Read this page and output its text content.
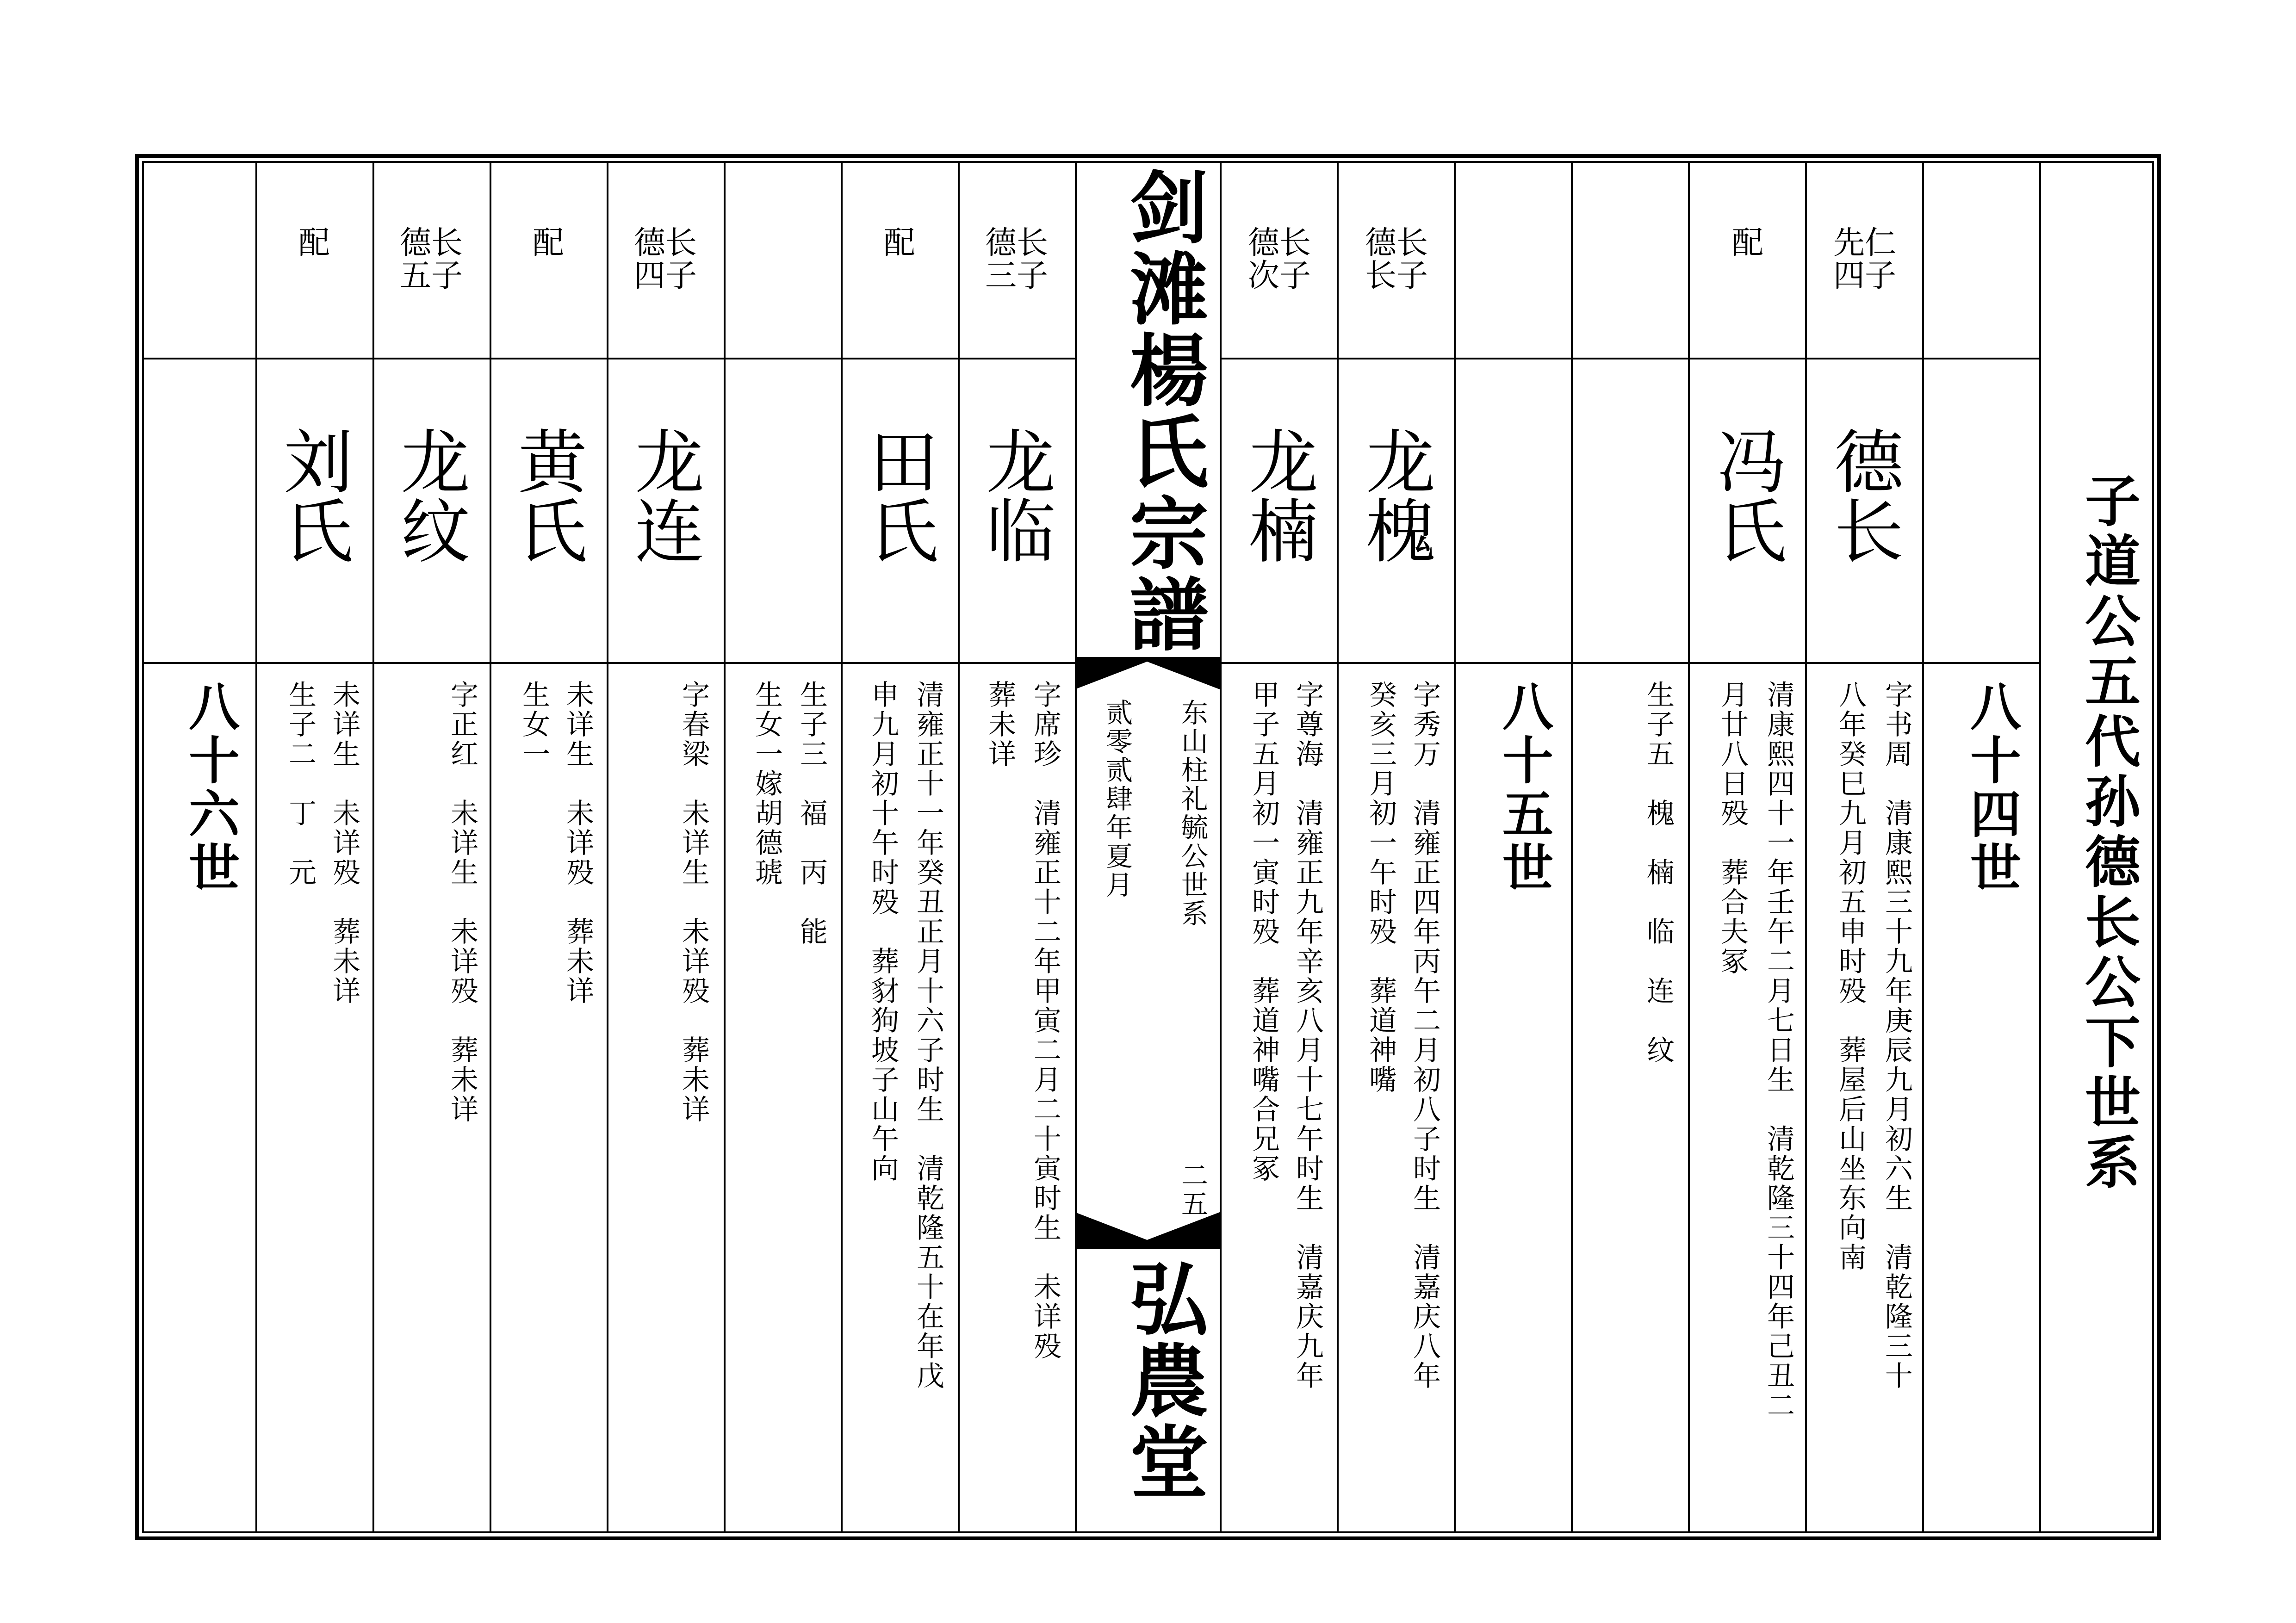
剑滩楊氏宗譜
东山柱礼毓公世系
贰零贰肆年夏月
二五
弘農堂
子道公五代孙德长公下世系
八十四世
八十五世
八十六世
先仁
四子
德长
字书周　清康熙三十九年庚辰九月初六生　清乾隆三十
八年癸巳九月初五申时殁　葬屋后山坐东向南
配
冯氏
清康熙四十一年壬午二月七日生　清乾隆三十四年己丑二
月廿八日殁　葬合夫冢
生子五　槐　楠　临　连　纹
德长
长子
龙槐
字秀万　清雍正四年丙午二月初八子时生　清嘉庆八年
癸亥三月初一午时殁　葬道神嘴
德长
次子
龙楠
字尊海　清雍正九年辛亥八月十七午时生　清嘉庆九年
甲子五月初一寅时殁　葬道神嘴合兄冢
德长
三子
龙临
字席珍　清雍正十二年甲寅二月二十寅时生　未详殁
葬未详
配
田氏
清雍正十一年癸丑正月十六子时生　清乾隆五十在年戊
申九月初十午时殁　葬豺狗坡子山午向
生子三　福　丙　能
生女一嫁胡德琥
德长
四子
龙连
字春梁　未详生　未详殁　葬未详
配
黄氏
未详生　未详殁　葬未详
生女一
德长
五子
龙纹
字正红　未详生　未详殁　葬未详
配
刘氏
未详生　未详殁　葬未详
生子二　丁　元
